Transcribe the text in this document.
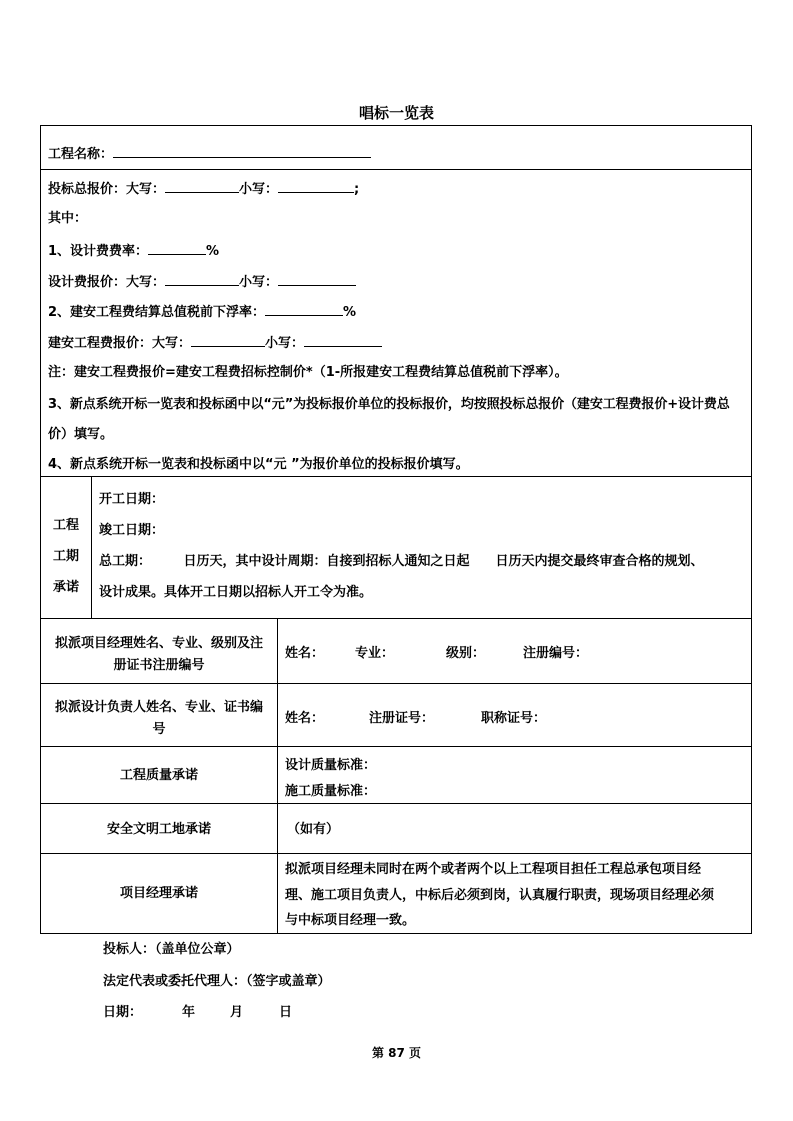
唱标一览表
工程名称：
投标总报价：大写：	小写：	;
其中：
1、设计费费率：	%
设计费报价：大写：	小写：
2、建安工程费结算总值税前下浮率：	%
建安工程费报价：大写：	小写：
注：建安工程费报价=建安工程费招标控制价*（1-所报建安工程费结算总值税前下浮率）。
3、新点系统开标一览表和投标函中以“元”为投标报价单位的投标报价，均按照投标总报价（建安工程费报价+设计费总
价）填写。
4、新点系统开标一览表和投标函中以“元 ”为报价单位的投标报价填写。
工程
工期
承诺
开工日期：
竣工日期：
总工期：　　　日历天，其中设计周期：自接到招标人通知之日起　　日历天内提交最终审查合格的规划、
设计成果。具体开工日期以招标人开工令为准。
拟派项目经理姓名、专业、级别及注
册证书注册编号
姓名： 专业：	级别：	注册编号：
拟派设计负责人姓名、专业、证书编
号
姓名：	注册证号：	职称证号：
工程质量承诺
设计质量标准：
施工质量标准：
安全文明工地承诺	（如有）
项目经理承诺
拟派项目经理未同时在两个或者两个以上工程项目担任工程总承包项目经
理、施工项目负责人，中标后必须到岗，认真履行职责，现场项目经理必须
与中标项目经理一致。
投标人：（盖单位公章）
法定代表或委托代理人：（签字或盖章）
日期：	年	月	日
第 87 页
